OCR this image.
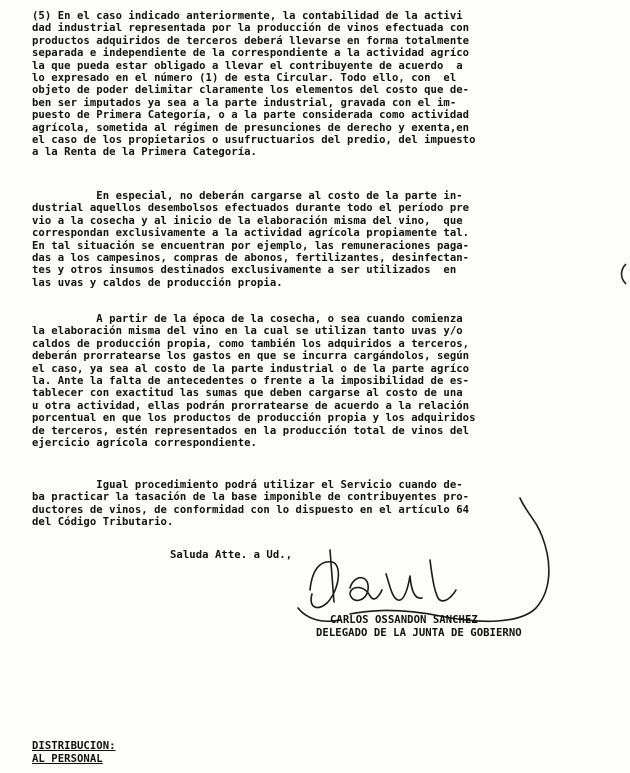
(5) En el caso indicado anteriormente, la contabilidad de la activi
dad industrial representada por la producción de vinos efectuada con
productos adquiridos de terceros deberá llevarse en forma totalmente
separada e independiente de la correspondiente a la actividad agríco
la que pueda estar obligado a llevar el contribuyente de acuerdo  a
lo expresado en el número (1) de esta Circular. Todo ello, con  el
objeto de poder delimitar claramente los elementos del costo que de-
ben ser imputados ya sea a la parte industrial, gravada con el im-
puesto de Primera Categoría, o a la parte considerada como actividad
agrícola, sometida al régimen de presunciones de derecho y exenta,en
el caso de los propietarios o usufructuarios del predio, del impuesto
a la Renta de la Primera Categoría.
En especial, no deberán cargarse al costo de la parte in-
dustrial aquellos desembolsos efectuados durante todo el período pre
vio a la cosecha y al inicio de la elaboración misma del vino,  que
correspondan exclusivamente a la actividad agrícola propiamente tal.
En tal situación se encuentran por ejemplo, las remuneraciones paga-
das a los campesinos, compras de abonos, fertilizantes, desinfectan-
tes y otros insumos destinados exclusivamente a ser utilizados  en
las uvas y caldos de producción propia.
A partir de la época de la cosecha, o sea cuando comienza
la elaboración misma del vino en la cual se utilizan tanto uvas y/o
caldos de producción propia, como también los adquiridos a terceros,
deberán prorratearse los gastos en que se incurra cargándolos, según
el caso, ya sea al costo de la parte industrial o de la parte agríco
la. Ante la falta de antecedentes o frente a la imposibilidad de es-
tablecer con exactitud las sumas que deben cargarse al costo de una
u otra actividad, ellas podrán prorratearse de acuerdo a la relación
porcentual en que los productos de producción propia y los adquiridos
de terceros, estén representados en la producción total de vinos del
ejercicio agrícola correspondiente.
Igual procedimiento podrá utilizar el Servicio cuando de-
ba practicar la tasación de la base imponible de contribuyentes pro-
ductores de vinos, de conformidad con lo dispuesto en el artículo 64
del Código Tributario.
Saluda Atte. a Ud.,
CARLOS OSSANDON SANCHEZ
DELEGADO DE LA JUNTA DE GOBIERNO
DISTRIBUCION:
AL PERSONAL
